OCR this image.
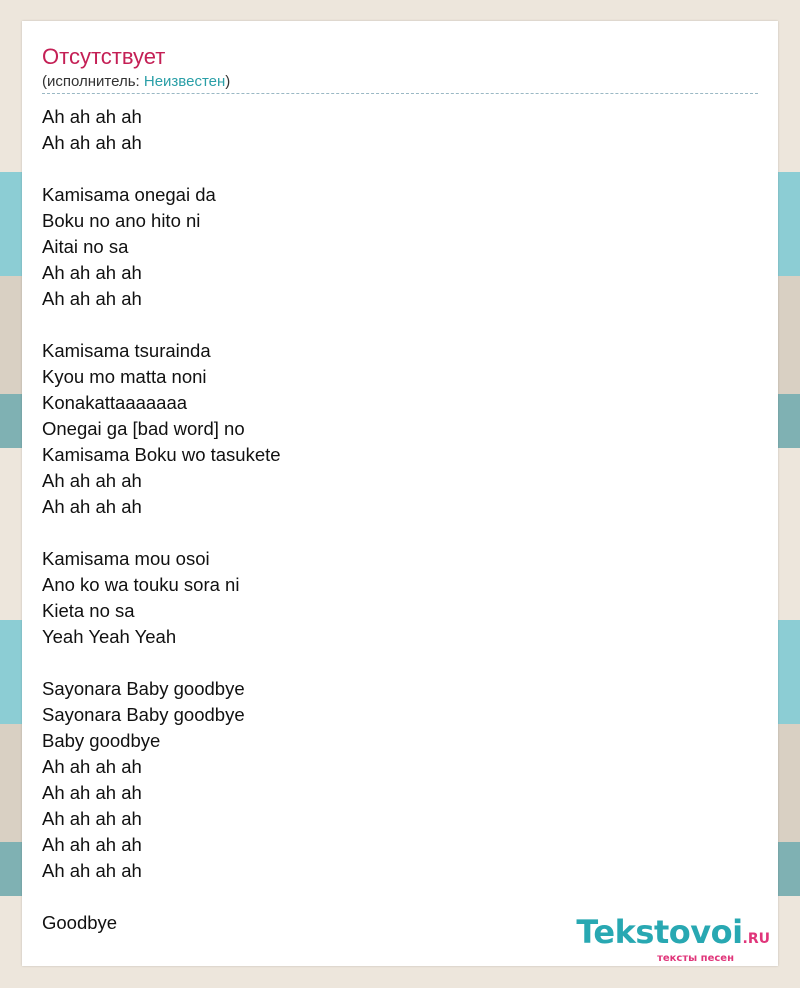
Отсутствует
(исполнитель: Неизвестен)
Ah ah ah ah
Ah ah ah ah
Kamisama onegai da
Boku no ano hito ni
Aitai no sa
Ah ah ah ah
Ah ah ah ah
Kamisama tsurainda
Kyou mo matta noni
Konakattaaaaaaa
Onegai ga [bad word] no
Kamisama Boku wo tasukete
Ah ah ah ah
Ah ah ah ah
Kamisama mou osoi
Ano ko wa touku sora ni
Kieta no sa
Yeah Yeah Yeah
Sayonara Baby goodbye
Sayonara Baby goodbye
Baby goodbye
Ah ah ah ah
Ah ah ah ah
Ah ah ah ah
Ah ah ah ah
Ah ah ah ah
Goodbye	Tekstovoi.RU
тексты песен
